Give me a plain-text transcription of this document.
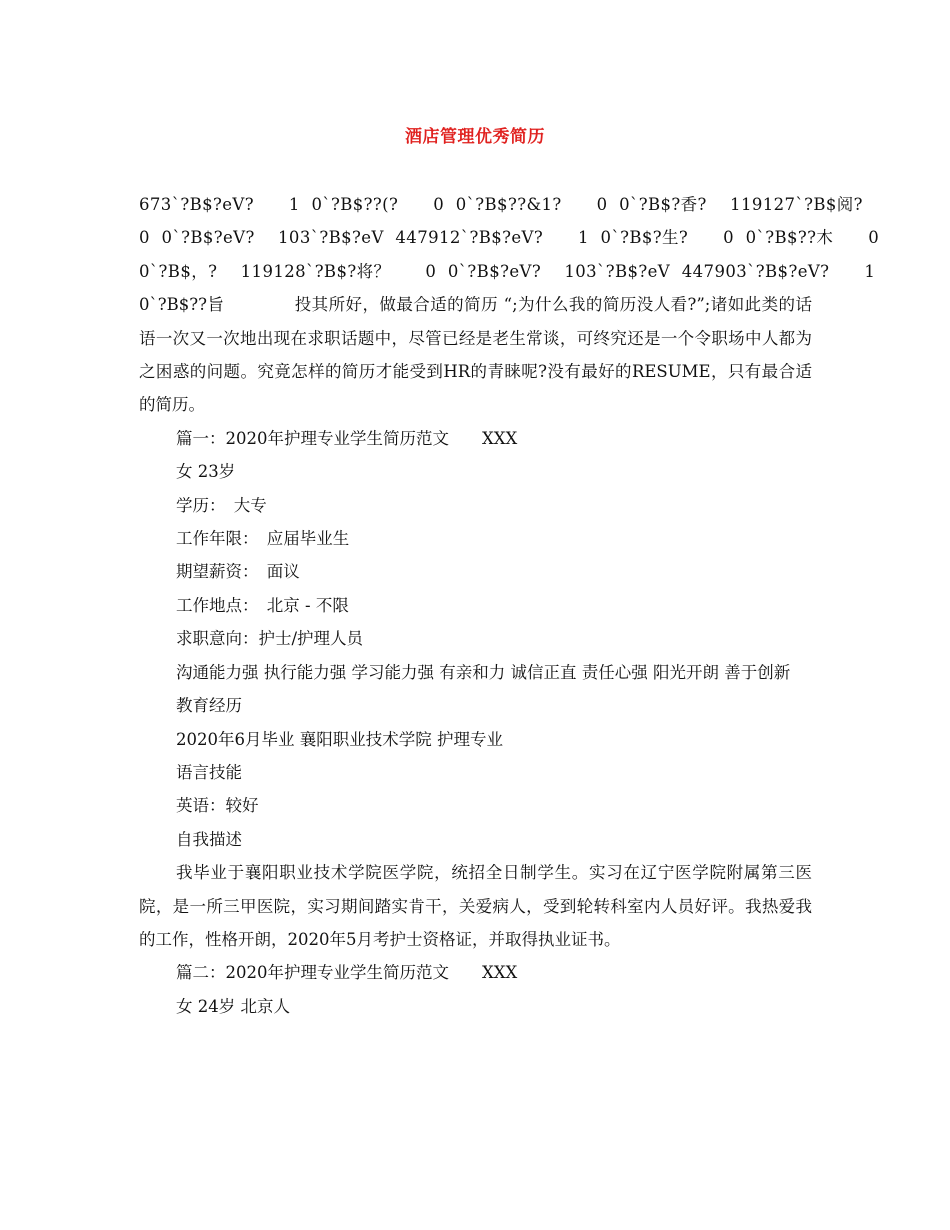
酒店管理优秀简历

673`?B$?eV?   1 0`?B$??(?   0 0`?B$??&1?   0 0`?B$?香?  119127`?B$阅?
0 0`?B$?eV?  103`?B$?eV 447912`?B$?eV?   1 0`?B$?生?   0 0`?B$??木   0
0`?B$，?  119128`?B$?将？   0 0`?B$?eV?  103`?B$?eV 447903`?B$?eV?   1

0`?B$??旨	投其所好，做最合适的简历 “;为什么我的简历没人看?”;诸如此类的话语一次又一次地出现在求职话题中，尽管已经是老生常谈，可终究还是一个令职场中人都为之困惑的问题。究竟怎样的简历才能受到HR的青睐呢?没有最好的RESUME，只有最合适的简历。

篇一：2020年护理专业学生简历范文　　XXX

女 23岁

学历：　大专

工作年限：　应届毕业生

期望薪资：　面议

工作地点：　北京 - 不限

求职意向：护士/护理人员

沟通能力强 执行能力强 学习能力强 有亲和力 诚信正直 责任心强 阳光开朗 善于创新

教育经历

2020年6月毕业 襄阳职业技术学院 护理专业

语言技能

英语：较好

自我描述

我毕业于襄阳职业技术学院医学院，统招全日制学生。实习在辽宁医学院附属第三医院，是一所三甲医院，实习期间踏实肯干，关爱病人，受到轮转科室内人员好评。我热爱我的工作，性格开朗，2020年5月考护士资格证，并取得执业证书。

篇二：2020年护理专业学生简历范文　　XXX

女 24岁 北京人
